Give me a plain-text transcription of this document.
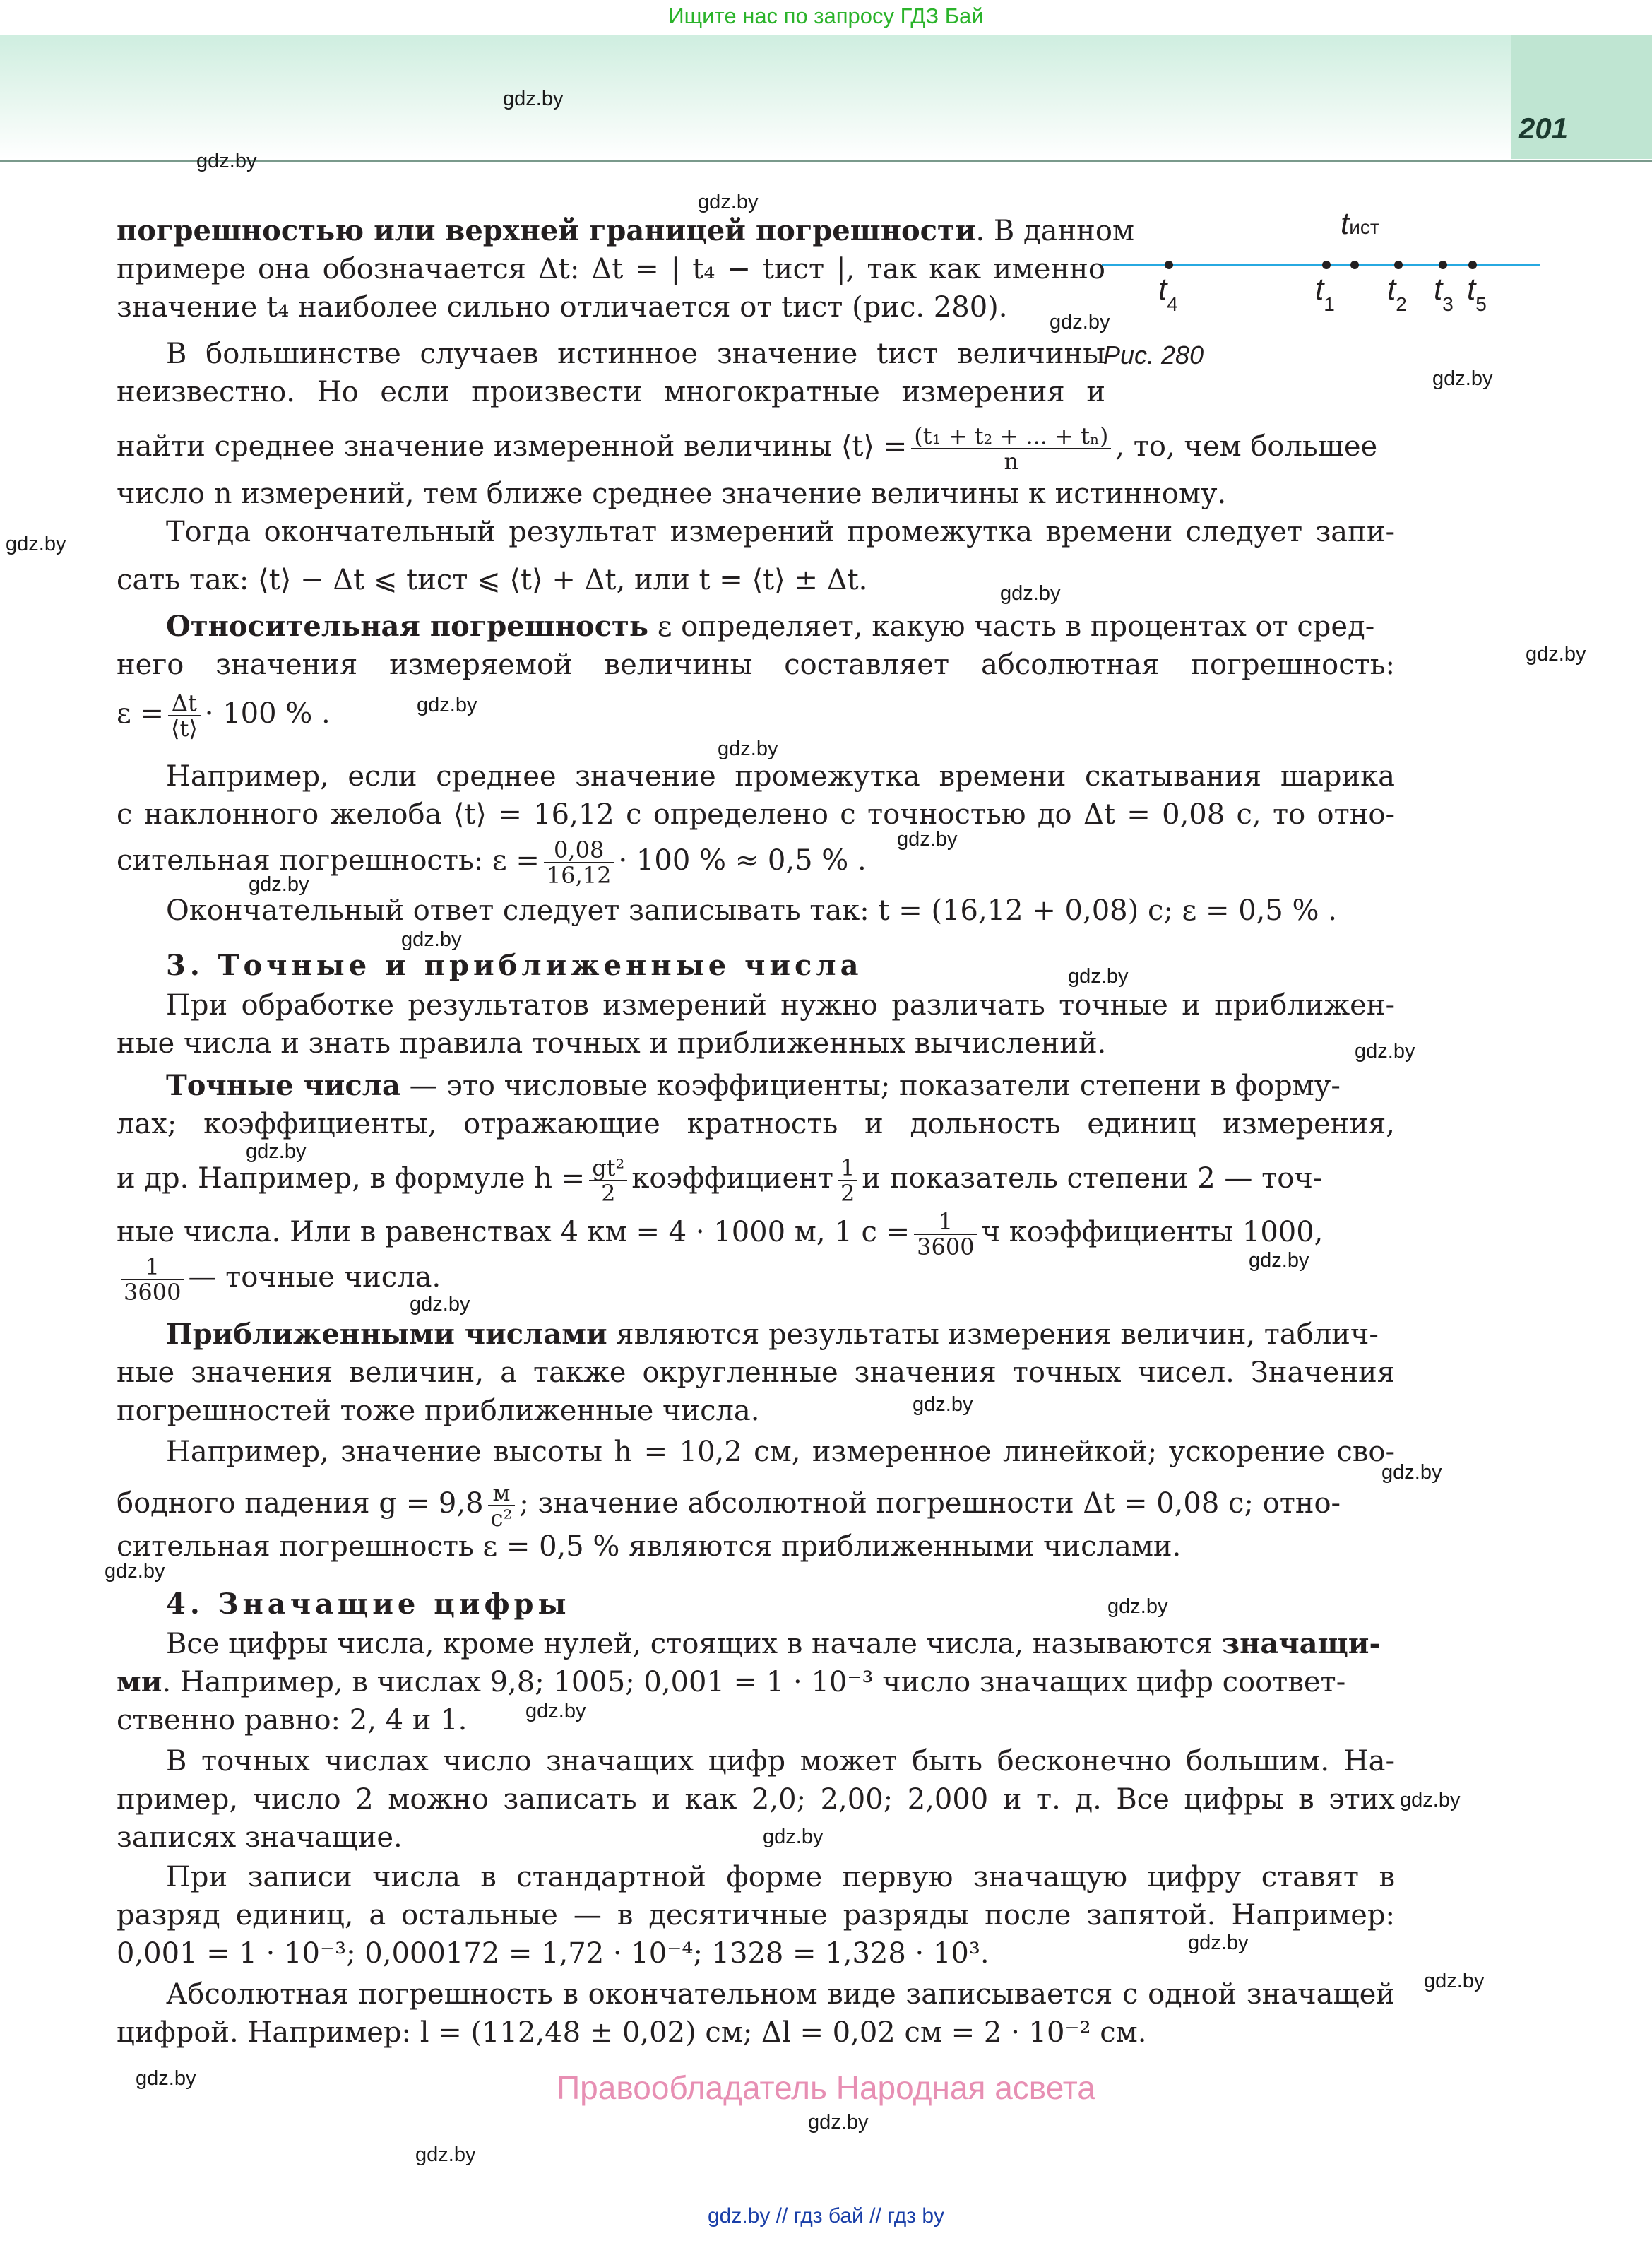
Ищите нас по запросу ГДЗ Бай
201
tист
t4	t1 t2 t3 t5
Рис. 280
погрешностью или верхней границей погрешности. В данном
примере она обозначается Δt: Δt = | t₄ − tист |, так как именно
значение t₄ наиболее сильно отличается от tист (рис. 280).
В большинстве случаев истинное значение tист величины
неизвестно. Но если произвести многократные измерения и
найти среднее значение измеренной величины ⟨t⟩ = $\frac{\text{(t₁ + t₂ + ... + tₙ)}}{n}$ , то, чем большее
число n измерений, тем ближе среднее значение величины к истинному.
Тогда окончательный результат измерений промежутка времени следует запи-
сать так: ⟨t⟩ − Δt ⩽ tист ⩽ ⟨t⟩ + Δt, или t = ⟨t⟩ ± Δt.
Относительная погрешность ε определяет, какую часть в процентах от сред-
него значения измеряемой величины составляет абсолютная погрешность:
$\varepsilon = \frac{\Delta t}{⟨t⟩} \cdot 100$ % .
Например, если среднее значение промежутка времени скатывания шарика
с наклонного желоба ⟨t⟩ = 16,12 с определено с точностью до Δt = 0,08 с, то отно-
сительная погрешность: $\varepsilon = \frac{0,08}{16,12} \cdot 100$ % ≈ 0,5 % .
Окончательный ответ следует записывать так: t = (16,12 + 0,08) с; ε = 0,5 % .
3. Точные и приближенные числа
При обработке результатов измерений нужно различать точные и приближен-
ные числа и знать правила точных и приближенных вычислений.
Точные числа — это числовые коэффициенты; показатели степени в форму-
лах; коэффициенты, отражающие кратность и дольность единиц измерения,
и др. Например, в формуле $h = \frac{\text{gt²}}{2}$ коэффициент $\frac{1}{2}$ и показатель степени 2 — точ-
ные числа. Или в равенствах 4 км = 4 · 1000 м, 1 $с = \frac{1}{3600}$ ч коэффициенты 1000,
$\frac{1}{3600}$ — точные числа.
Приближенными числами являются результаты измерения величин, таблич-
ные значения величин, а также округленные значения точных чисел. Значения
погрешностей тоже приближенные числа.
Например, значение высоты h = 10,2 см, измеренное линейкой; ускорение сво-
бодного падения $g = 9,8 \frac{м}{\text{с²}}$ ; значение абсолютной погрешности Δt = 0,08 с; отно-
сительная погрешность ε = 0,5 % являются приближенными числами.
4. Значащие цифры
Все цифры числа, кроме нулей, стоящих в начале числа, называются значащи-
ми. Например, в числах 9,8; 1005; 0,001 = 1 · 10⁻³ число значащих цифр соответ-
ственно равно: 2, 4 и 1.
В точных числах число значащих цифр может быть бесконечно большим. На-
пример, число 2 можно записать и как 2,0; 2,00; 2,000 и т. д. Все цифры в этих
записях значащие.
При записи числа в стандартной форме первую значащую цифру ставят в
разряд единиц, а остальные — в десятичные разряды после запятой. Например:
0,001 = 1 · 10⁻³; 0,000172 = 1,72 · 10⁻⁴; 1328 = 1,328 · 10³.
Абсолютная погрешность в окончательном виде записывается с одной значащей
цифрой. Например: l = (112,48 ± 0,02) см; Δl = 0,02 см = 2 · 10⁻² см.
Правообладатель Народная асвета
gdz.by // гдз бай // гдз by
gdz.by
gdz.by
gdz.by
gdz.by
gdz.by
gdz.by
gdz.by
gdz.by
gdz.by
gdz.by
gdz.by
gdz.by
gdz.by
gdz.by
gdz.by
gdz.by
gdz.by
gdz.by
gdz.by
gdz.by
gdz.by
gdz.by
gdz.by
gdz.by
gdz.by
gdz.by
gdz.by
gdz.by
gdz.by
gdz.by
